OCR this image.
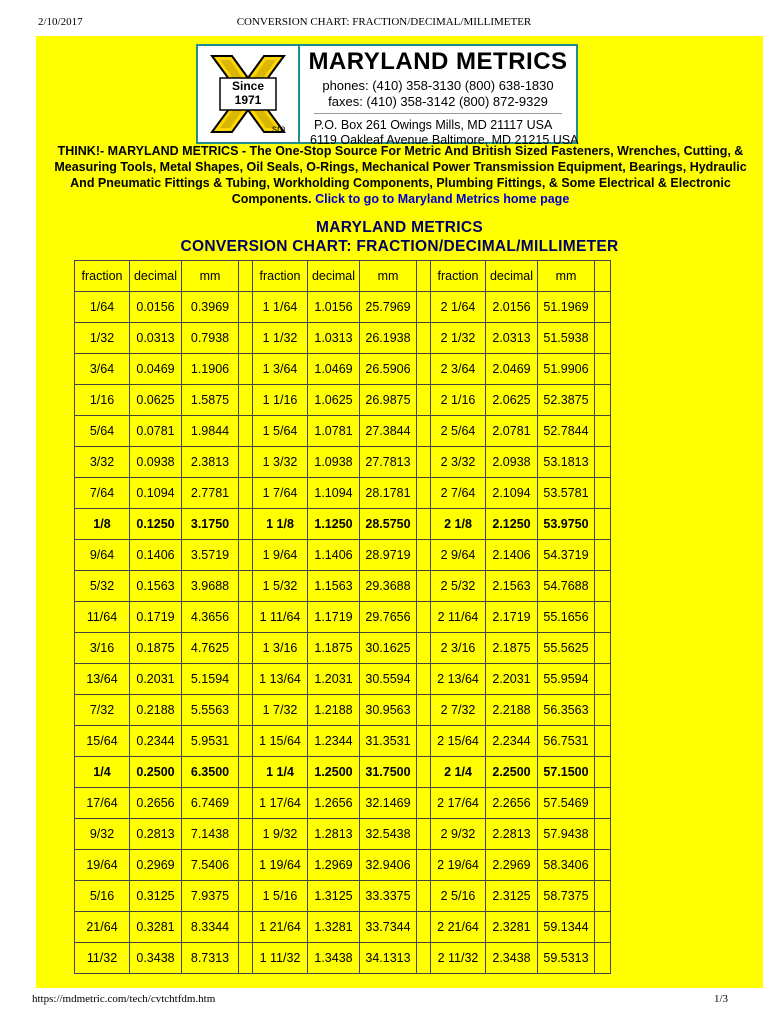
2/10/2017	CONVERSION CHART: FRACTION/DECIMAL/MILLIMETER
Since
1971
sm
MARYLAND METRICS
phones: (410) 358-3130 (800) 638-1830
faxes: (410) 358-3142 (800) 872-9329
P.O. Box 261 Owings Mills, MD 21117 USA
6119 Oakleaf Avenue Baltimore, MD 21215 USA
THINK!- MARYLAND METRICS - The One-Stop Source For Metric And British Sized Fasteners, Wrenches, Cutting, & Measuring Tools, Metal Shapes, Oil Seals, O-Rings, Mechanical Power Transmission Equipment, Bearings, Hydraulic And Pneumatic Fittings & Tubing, Workholding Components, Plumbing Fittings, & Some Electrical & Electronic Components. Click to go to Maryland Metrics home page
MARYLAND METRICS
CONVERSION CHART: FRACTION/DECIMAL/MILLIMETER
fraction	decimal	mm		fraction	decimal	mm		fraction	decimal	mm	
1/64	0.0156	0.3969		1 1/64	1.0156	25.7969		2 1/64	2.0156	51.1969	
1/32	0.0313	0.7938		1 1/32	1.0313	26.1938		2 1/32	2.0313	51.5938	
3/64	0.0469	1.1906		1 3/64	1.0469	26.5906		2 3/64	2.0469	51.9906	
1/16	0.0625	1.5875		1 1/16	1.0625	26.9875		2 1/16	2.0625	52.3875	
5/64	0.0781	1.9844		1 5/64	1.0781	27.3844		2 5/64	2.0781	52.7844	
3/32	0.0938	2.3813		1 3/32	1.0938	27.7813		2 3/32	2.0938	53.1813	
7/64	0.1094	2.7781		1 7/64	1.1094	28.1781		2 7/64	2.1094	53.5781	
1/8	0.1250	3.1750		1 1/8	1.1250	28.5750		2 1/8	2.1250	53.9750	
9/64	0.1406	3.5719		1 9/64	1.1406	28.9719		2 9/64	2.1406	54.3719	
5/32	0.1563	3.9688		1 5/32	1.1563	29.3688		2 5/32	2.1563	54.7688	
11/64	0.1719	4.3656		1 11/64	1.1719	29.7656		2 11/64	2.1719	55.1656	
3/16	0.1875	4.7625		1 3/16	1.1875	30.1625		2 3/16	2.1875	55.5625	
13/64	0.2031	5.1594		1 13/64	1.2031	30.5594		2 13/64	2.2031	55.9594	
7/32	0.2188	5.5563		1 7/32	1.2188	30.9563		2 7/32	2.2188	56.3563	
15/64	0.2344	5.9531		1 15/64	1.2344	31.3531		2 15/64	2.2344	56.7531	
1/4	0.2500	6.3500		1 1/4	1.2500	31.7500		2 1/4	2.2500	57.1500	
17/64	0.2656	6.7469		1 17/64	1.2656	32.1469		2 17/64	2.2656	57.5469	
9/32	0.2813	7.1438		1 9/32	1.2813	32.5438		2 9/32	2.2813	57.9438	
19/64	0.2969	7.5406		1 19/64	1.2969	32.9406		2 19/64	2.2969	58.3406	
5/16	0.3125	7.9375		1 5/16	1.3125	33.3375		2 5/16	2.3125	58.7375	
21/64	0.3281	8.3344		1 21/64	1.3281	33.7344		2 21/64	2.3281	59.1344	
11/32	0.3438	8.7313		1 11/32	1.3438	34.1313		2 11/32	2.3438	59.5313	
https://mdmetric.com/tech/cvtchtfdm.htm	1/3
